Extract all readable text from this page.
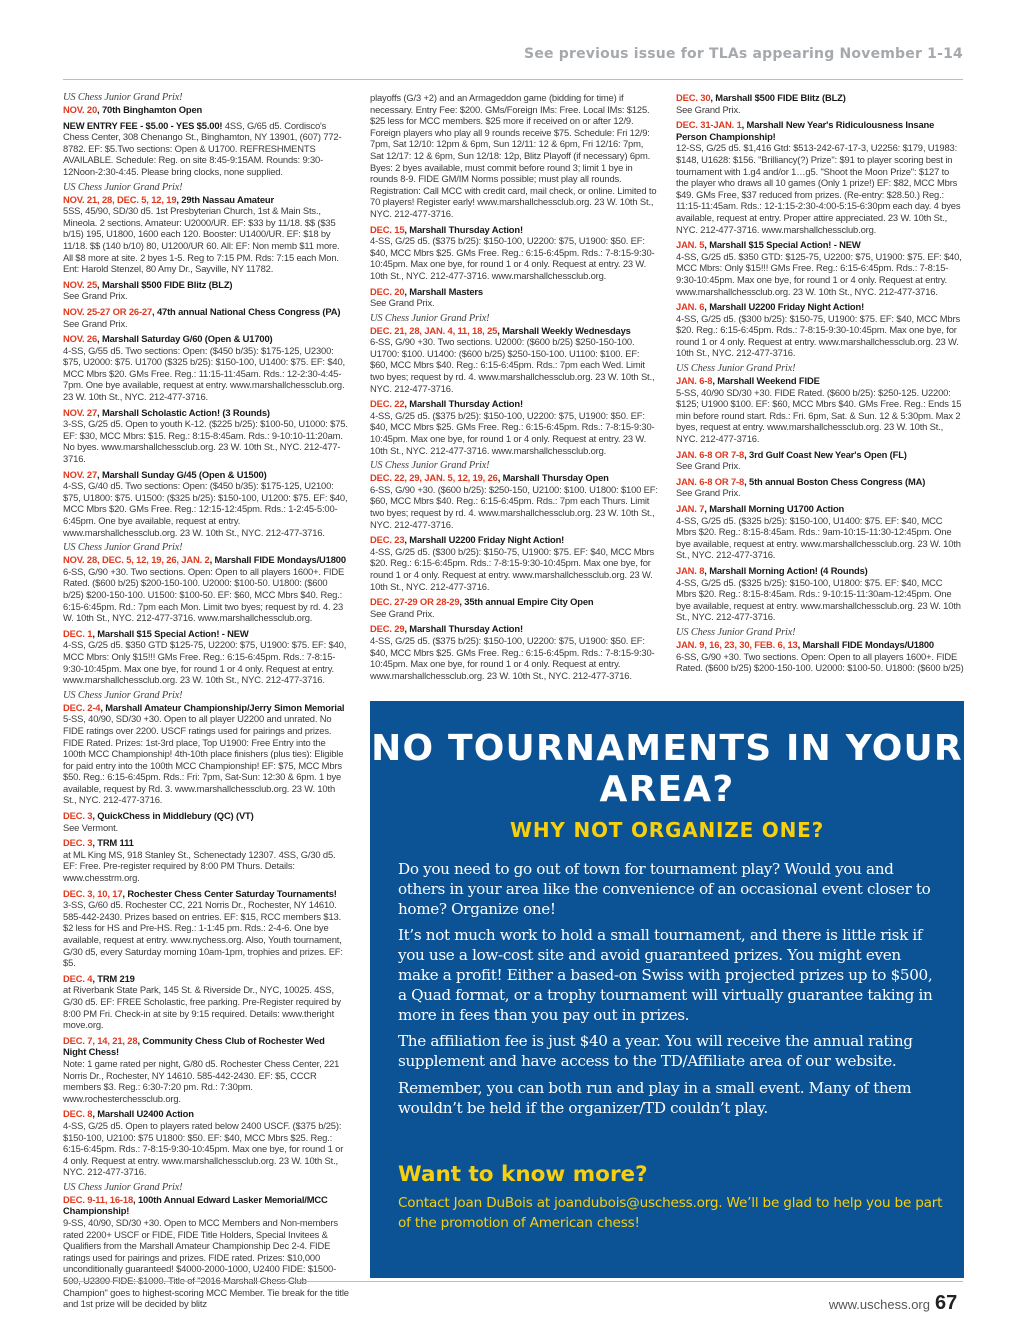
See previous issue for TLAs appearing November 1-14
US Chess Junior Grand Prix!
NOV. 20, 70th Binghamton Open
NEW ENTRY FEE - $5.00 - YES $5.00! 4SS, G/65 d5. Cordisco's Chess Center, 308 Chenango St., Binghamton, NY 13901, (607) 772-8782. EF: $5.Two sections: Open & U1700. REFRESHMENTS AVAILABLE. Schedule: Reg. on site 8:45-9:15AM. Rounds: 9:30-12Noon-2:30-4:45. Please bring clocks, none supplied.
US Chess Junior Grand Prix!
NOV. 21, 28, DEC. 5, 12, 19, 29th Nassau Amateur
5SS, 45/90, SD/30 d5. 1st Presbyterian Church, 1st & Main Sts., Mineola. 2 sections. Amateur: U2000/UR. EF: $33 by 11/18. $$ ($35 b/15) 195, U1800, 1600 each 120. Booster: U1400/UR. EF: $18 by 11/18. $$ (140 b/10) 80, U1200/UR 60. All: EF: Non memb $11 more. All $8 more at site. 2 byes 1-5. Reg to 7:15 PM. Rds: 7:15 each Mon. Ent: Harold Stenzel, 80 Amy Dr., Sayville, NY 11782.
NOV. 25, Marshall $500 FIDE Blitz (BLZ)
See Grand Prix.
NOV. 25-27 OR 26-27, 47th annual National Chess Congress (PA)
See Grand Prix.
NOV. 26, Marshall Saturday G/60 (Open & U1700)
4-SS, G/55 d5. Two sections: Open: ($450 b/35): $175-125, U2300: $75, U2000: $75. U1700 ($325 b/25): $150-100, U1400: $75. EF: $40, MCC Mbrs $20. GMs Free. Reg.: 11:15-11:45am. Rds.: 12-2:30-4:45-7pm. One bye available, request at entry. www.marshallchessclub.org. 23 W. 10th St., NYC. 212-477-3716.
NOV. 27, Marshall Scholastic Action! (3 Rounds)
3-SS, G/25 d5. Open to youth K-12. ($225 b/25): $100-50, U1000: $75. EF: $30, MCC Mbrs: $15. Reg.: 8:15-8:45am. Rds.: 9-10:10-11:20am. No byes. www.marshallchessclub.org. 23 W. 10th St., NYC. 212-477-3716.
NOV. 27, Marshall Sunday G/45 (Open & U1500)
4-SS, G/40 d5. Two sections: Open: ($450 b/35): $175-125, U2100: $75, U1800: $75. U1500: ($325 b/25): $150-100, U1200: $75. EF: $40, MCC Mbrs $20. GMs Free. Reg.: 12:15-12:45pm. Rds.: 1-2:45-5:00-6:45pm. One bye available, request at entry. www.marshallchessclub.org. 23 W. 10th St., NYC. 212-477-3716.
US Chess Junior Grand Prix!
NOV. 28, DEC. 5, 12, 19, 26, JAN. 2, Marshall FIDE Mondays/U1800
6-SS, G/90 +30. Two sections. Open: Open to all players 1600+. FIDE Rated. ($600 b/25) $200-150-100. U2000: $100-50. U1800: ($600 b/25) $200-150-100. U1500: $100-50. EF: $60, MCC Mbrs $40. Reg.: 6:15-6:45pm. Rd.: 7pm each Mon. Limit two byes; request by rd. 4. 23 W. 10th St., NYC. 212-477-3716. www.marshallchessclub.org.
DEC. 1, Marshall $15 Special Action! - NEW
4-SS, G/25 d5. $350 GTD $125-75, U2200: $75, U1900: $75. EF: $40, MCC Mbrs: Only $15!!! GMs Free. Reg.: 6:15-6:45pm. Rds.: 7-8:15-9:30-10:45pm. Max one bye, for round 1 or 4 only. Request at entry. www.marshallchessclub.org. 23 W. 10th St., NYC. 212-477-3716.
US Chess Junior Grand Prix!
DEC. 2-4, Marshall Amateur Championship/Jerry Simon Memorial
5-SS, 40/90, SD/30 +30. Open to all player U2200 and unrated. No FIDE ratings over 2200. USCF ratings used for pairings and prizes. FIDE Rated. Prizes: 1st-3rd place, Top U1900: Free Entry into the 100th MCC Championship! 4th-10th place finishers (plus ties): Eligible for paid entry into the 100th MCC Championship! EF: $75, MCC Mbrs $50. Reg.: 6:15-6:45pm. Rds.: Fri: 7pm, Sat-Sun: 12:30 & 6pm. 1 bye available, request by Rd. 3. www.marshallchessclub.org. 23 W. 10th St., NYC. 212-477-3716.
DEC. 3, QuickChess in Middlebury (QC) (VT)
See Vermont.
DEC. 3, TRM 111
at ML King MS, 918 Stanley St., Schenectady 12307. 4SS, G/30 d5. EF: Free. Pre-register required by 8:00 PM Thurs. Details: www.chesstrm.org.
DEC. 3, 10, 17, Rochester Chess Center Saturday Tournaments!
3-SS, G/60 d5. Rochester CC, 221 Norris Dr., Rochester, NY 14610. 585-442-2430. Prizes based on entries. EF: $15, RCC members $13. $2 less for HS and Pre-HS. Reg.: 1-1:45 pm. Rds.: 2-4-6. One bye available, request at entry. www.nychess.org. Also, Youth tournament, G/30 d5, every Saturday morning 10am-1pm, trophies and prizes. EF: $5.
DEC. 4, TRM 219
at Riverbank State Park, 145 St. & Riverside Dr., NYC, 10025. 4SS, G/30 d5. EF: FREE Scholastic, free parking. Pre-Register required by 8:00 PM Fri. Check-in at site by 9:15 required. Details: www.theright move.org.
DEC. 7, 14, 21, 28, Community Chess Club of Rochester Wed Night Chess!
Note: 1 game rated per night, G/80 d5. Rochester Chess Center, 221 Norris Dr., Rochester, NY 14610. 585-442-2430. EF: $5, CCCR members $3. Reg.: 6:30-7:20 pm. Rd.: 7:30pm. www.rochesterchessclub.org.
DEC. 8, Marshall U2400 Action
4-SS, G/25 d5. Open to players rated below 2400 USCF. ($375 b/25): $150-100, U2100: $75 U1800: $50. EF: $40, MCC Mbrs $25. Reg.: 6:15-6:45pm. Rds.: 7-8:15-9:30-10:45pm. Max one bye, for round 1 or 4 only. Request at entry. www.marshallchessclub.org. 23 W. 10th St., NYC. 212-477-3716.
US Chess Junior Grand Prix!
DEC. 9-11, 16-18, 100th Annual Edward Lasker Memorial/MCC Championship!
9-SS, 40/90, SD/30 +30. Open to MCC Members and Non-members rated 2200+ USCF or FIDE, FIDE Title Holders, Special Invitees & Qualifiers from the Marshall Amateur Championship Dec 2-4. FIDE ratings used for pairings and prizes. FIDE rated. Prizes: $10,000 unconditionally guaranteed! $4000-2000-1000, U2400 FIDE: $1500- Champion" goes to highest-scoring MCC Member. Tie break for the title and 1st prize will be decided by blitz
playoffs (G/3 +2) and an Armageddon game (bidding for time) if necessary. Entry Fee: $200. GMs/Foreign IMs: Free. Local IMs: $125. $25 less for MCC members. $25 more if received on or after 12/9. Foreign players who play all 9 rounds receive $75. Schedule: Fri 12/9: 7pm, Sat 12/10: 12pm & 6pm, Sun 12/11: 12 & 6pm, Fri 12/16: 7pm, Sat 12/17: 12 & 6pm, Sun 12/18: 12p, Blitz Playoff (if necessary) 6pm. Byes: 2 byes available, must commit before round 3; limit 1 bye in rounds 8-9. FIDE GM/IM Norms possible; must play all rounds. Registration: Call MCC with credit card, mail check, or online. Limited to 70 players! Register early! www.marshallchessclub.org. 23 W. 10th St., NYC. 212-477-3716.
DEC. 15, Marshall Thursday Action!
4-SS, G/25 d5. ($375 b/25): $150-100, U2200: $75, U1900: $50. EF: $40, MCC Mbrs $25. GMs Free. Reg.: 6:15-6:45pm. Rds.: 7-8:15-9:30-10:45pm. Max one bye, for round 1 or 4 only. Request at entry. 23 W. 10th St., NYC. 212-477-3716. www.marshallchessclub.org.
DEC. 20, Marshall Masters
See Grand Prix.
US Chess Junior Grand Prix!
DEC. 21, 28, JAN. 4, 11, 18, 25, Marshall Weekly Wednesdays
6-SS, G/90 +30. Two sections. U2000: ($600 b/25) $250-150-100. U1700: $100. U1400: ($600 b/25) $250-150-100. U1100: $100. EF: $60, MCC Mbrs $40. Reg.: 6:15-6:45pm. Rds.: 7pm each Wed. Limit two byes; request by rd. 4. www.marshallchessclub.org. 23 W. 10th St., NYC. 212-477-3716.
DEC. 22, Marshall Thursday Action!
4-SS, G/25 d5. ($375 b/25): $150-100, U2200: $75, U1900: $50. EF: $40, MCC Mbrs $25. GMs Free. Reg.: 6:15-6:45pm. Rds.: 7-8:15-9:30-10:45pm. Max one bye, for round 1 or 4 only. Request at entry. 23 W. 10th St., NYC. 212-477-3716. www.marshallchessclub.org.
US Chess Junior Grand Prix!
DEC. 22, 29, JAN. 5, 12, 19, 26, Marshall Thursday Open
6-SS, G/90 +30. ($600 b/25): $250-150, U2100: $100. U1800: $100 EF: $60, MCC Mbrs $40. Reg.: 6:15-6:45pm. Rds.: 7pm each Thurs. Limit two byes; request by rd. 4. www.marshallchessclub.org. 23 W. 10th St., NYC. 212-477-3716.
DEC. 23, Marshall U2200 Friday Night Action!
4-SS, G/25 d5. ($300 b/25): $150-75, U1900: $75. EF: $40, MCC Mbrs $20. Reg.: 6:15-6:45pm. Rds.: 7-8:15-9:30-10:45pm. Max one bye, for round 1 or 4 only. Request at entry. www.marshallchessclub.org. 23 W. 10th St., NYC. 212-477-3716.
DEC. 27-29 OR 28-29, 35th annual Empire City Open
See Grand Prix.
DEC. 29, Marshall Thursday Action!
4-SS, G/25 d5. ($375 b/25): $150-100, U2200: $75, U1900: $50. EF: $40, MCC Mbrs $25. GMs Free. Reg.: 6:15-6:45pm. Rds.: 7-8:15-9:30-10:45pm. Max one bye, for round 1 or 4 only. Request at entry. www.marshallchessclub.org. 23 W. 10th St., NYC. 212-477-3716.
DEC. 30, Marshall $500 FIDE Blitz (BLZ)
See Grand Prix.
DEC. 31-JAN. 1, Marshall New Year's Ridiculousness Insane Person Championship!
12-SS, G/25 d5. $1,416 Gtd: $513-242-67-17-3, U2256: $179, U1983: $148, U1628: $156. "Brilliancy(?) Prize": $91 to player scoring best in tournament with 1.g4 and/or 1…g5. "Shoot the Moon Prize": $127 to the player who draws all 10 games (Only 1 prize!) EF: $82, MCC Mbrs $49. GMs Free, $37 reduced from prizes. (Re-entry: $28.50.) Reg.: 11:15-11:45am. Rds.: 12-1:15-2:30-4:00-5:15-6:30pm each day. 4 byes available, request at entry. Proper attire appreciated. 23 W. 10th St., NYC. 212-477-3716. www.marshallchessclub.org.
JAN. 5, Marshall $15 Special Action! - NEW
4-SS, G/25 d5. $350 GTD: $125-75, U2200: $75, U1900: $75. EF: $40, MCC Mbrs: Only $15!!! GMs Free. Reg.: 6:15-6:45pm. Rds.: 7-8:15-9:30-10:45pm. Max one bye, for round 1 or 4 only. Request at entry. www.marshallchessclub.org. 23 W. 10th St., NYC. 212-477-3716.
JAN. 6, Marshall U2200 Friday Night Action!
4-SS, G/25 d5. ($300 b/25): $150-75, U1900: $75. EF: $40, MCC Mbrs $20. Reg.: 6:15-6:45pm. Rds.: 7-8:15-9:30-10:45pm. Max one bye, for round 1 or 4 only. Request at entry. www.marshallchessclub.org. 23 W. 10th St., NYC. 212-477-3716.
US Chess Junior Grand Prix!
JAN. 6-8, Marshall Weekend FIDE
5-SS, 40/90 SD/30 +30. FIDE Rated. ($600 b/25): $250-125. U2200: $125; U1900 $100. EF: $60, MCC Mbrs $40. GMs Free. Reg.: Ends 15 min before round start. Rds.: Fri. 6pm, Sat. & Sun. 12 & 5:30pm. Max 2 byes, request at entry. www.marshallchessclub.org. 23 W. 10th St., NYC. 212-477-3716.
JAN. 6-8 OR 7-8, 3rd Gulf Coast New Year's Open (FL)
See Grand Prix.
JAN. 6-8 OR 7-8, 5th annual Boston Chess Congress (MA)
See Grand Prix.
JAN. 7, Marshall Morning U1700 Action
4-SS, G/25 d5. ($325 b/25): $150-100, U1400: $75. EF: $40, MCC Mbrs $20. Reg.: 8:15-8:45am. Rds.: 9am-10:15-11:30-12:45pm. One bye available, request at entry. www.marshallchessclub.org. 23 W. 10th St., NYC. 212-477-3716.
JAN. 8, Marshall Morning Action! (4 Rounds)
4-SS, G/25 d5. ($325 b/25): $150-100, U1800: $75. EF: $40, MCC Mbrs $20. Reg.: 8:15-8:45am. Rds.: 9-10:15-11:30am-12:45pm. One bye available, request at entry. www.marshallchessclub.org. 23 W. 10th St., NYC. 212-477-3716.
US Chess Junior Grand Prix!
JAN. 9, 16, 23, 30, FEB. 6, 13, Marshall FIDE Mondays/U1800
6-SS, G/90 +30. Two sections. Open: Open to all players 1600+. FIDE Rated. ($600 b/25) $200-150-100. U2000: $100-50. U1800: ($600 b/25)
NO TOURNAMENTS IN YOUR AREA?
WHY NOT ORGANIZE ONE?

Do you need to go out of town for tournament play? Would you and others in your area like the convenience of an occasional event closer to home? Organize one!

It’s not much work to hold a small tournament, and there is little risk if you use a low-cost site and avoid guaranteed prizes. You might even make a profit! Either a based-on Swiss with projected prizes up to $500, a Quad format, or a trophy tournament will virtually guarantee taking in more in fees than you pay out in prizes.

The affiliation fee is just $40 a year. You will receive the annual rating supplement and have access to the TD/Affiliate area of our website.

Remember, you can both run and play in a small event. Many of them wouldn’t be held if the organizer/TD couldn’t play.

Want to know more?
Contact Joan DuBois at joandubois@uschess.org. We’ll be glad to help you be part of the promotion of American chess!
www.uschess.org 67
